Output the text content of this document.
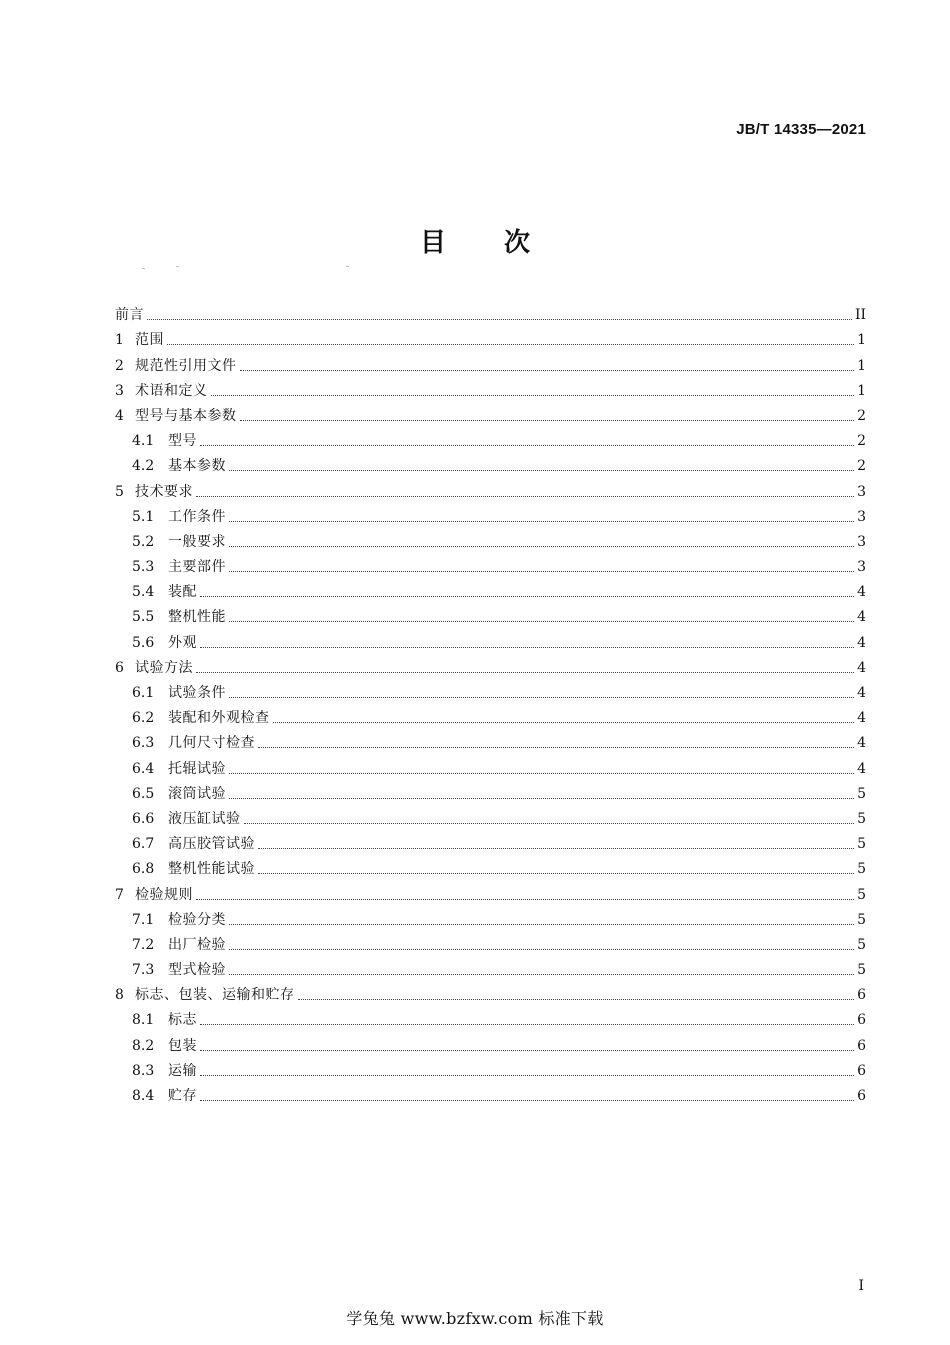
JB/T 14335—2021
目 次
前言	II
1 范围	1
2 规范性引用文件	1
3 术语和定义	1
4 型号与基本参数	2
4.1 型号	2
4.2 基本参数	2
5 技术要求	3
5.1 工作条件	3
5.2 一般要求	3
5.3 主要部件	3
5.4 装配	4
5.5 整机性能	4
5.6 外观	4
6 试验方法	4
6.1 试验条件	4
6.2 装配和外观检查	4
6.3 几何尺寸检查	4
6.4 托辊试验	4
6.5 滚筒试验	5
6.6 液压缸试验	5
6.7 高压胶管试验	5
6.8 整机性能试验	5
7 检验规则	5
7.1 检验分类	5
7.2 出厂检验	5
7.3 型式检验	5
8 标志、包装、运输和贮存	6
8.1 标志	6
8.2 包装	6
8.3 运输	6
8.4 贮存	6
I
学兔兔 www.bzfxw.com 标准下载
